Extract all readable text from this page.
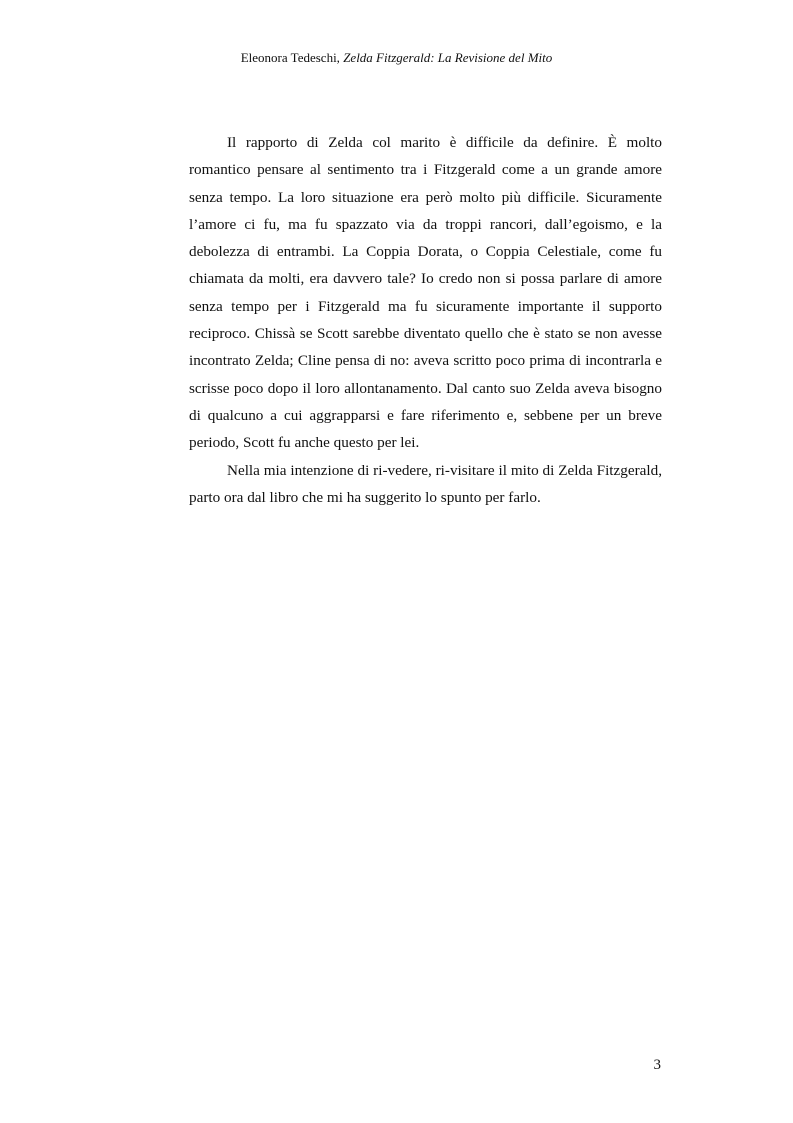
Eleonora Tedeschi, Zelda Fitzgerald: La Revisione del Mito

Il rapporto di Zelda col marito è difficile da definire. È molto romantico pensare al sentimento tra i Fitzgerald come a un grande amore senza tempo. La loro situazione era però molto più difficile. Sicuramente l’amore ci fu, ma fu spazzato via da troppi rancori, dall’egoismo, e la debolezza di entrambi. La Coppia Dorata, o Coppia Celestiale, come fu chiamata da molti, era davvero tale? Io credo non si possa parlare di amore senza tempo per i Fitzgerald ma fu sicuramente importante il supporto reciproco. Chissà se Scott sarebbe diventato quello che è stato se non avesse incontrato Zelda; Cline pensa di no: aveva scritto poco prima di incontrarla e scrisse poco dopo il loro allontanamento. Dal canto suo Zelda aveva bisogno di qualcuno a cui aggrapparsi e fare riferimento e, sebbene per un breve periodo, Scott fu anche questo per lei.

Nella mia intenzione di ri-vedere, ri-visitare il mito di Zelda Fitzgerald, parto ora dal libro che mi ha suggerito lo spunto per farlo.

3
